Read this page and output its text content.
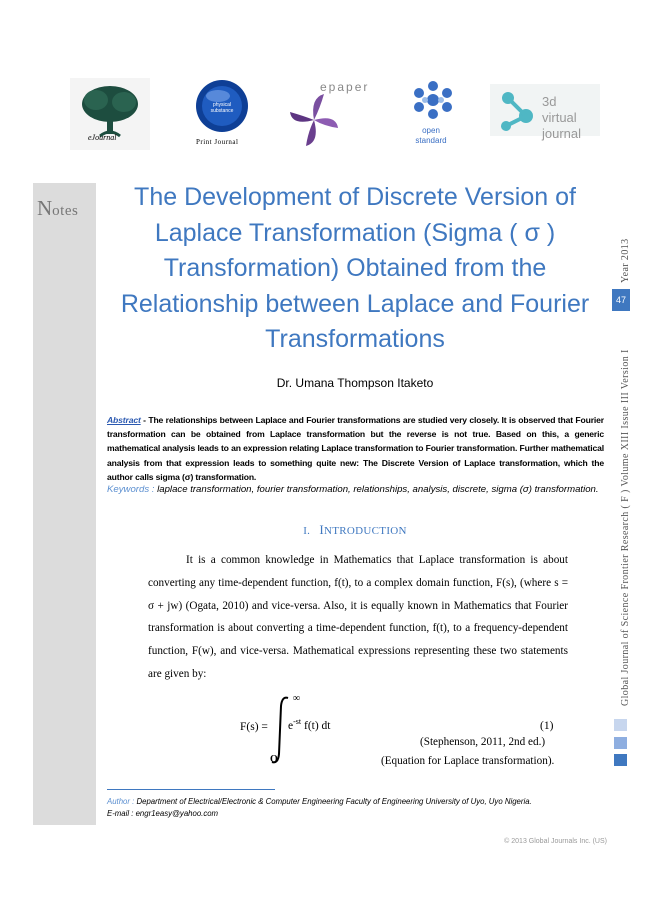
eJournal
physical substance
Print Journal
epaper
open standard
3d virtual journal
Notes	The Development of Discrete Version of Laplace Transformation (Sigma ( σ ) Transformation) Obtained from the Relationship between Laplace and Fourier Transformations
Dr. Umana Thompson Itaketo
Abstract - The relationships between Laplace and Fourier transformations are studied very closely. It is observed that Fourier transformation can be obtained from Laplace transformation but the reverse is not true. Based on this, a generic mathematical analysis leads to an expression relating Laplace transformation to Fourier transformation. Further mathematical analysis from that expression leads to something quite new: The Discrete Version of Laplace transformation, which the author calls sigma (σ) transformation.
Keywords : laplace transformation, fourier transformation, relationships, analysis, discrete, sigma (σ) transformation.
I. INTRODUCTION
It is a common knowledge in Mathematics that Laplace transformation is about converting any time-dependent function, f(t), to a complex domain function, F(s), (where s = σ + jw) (Ogata, 2010) and vice-versa. Also, it is equally known in Mathematics that Fourier transformation is about converting a time-dependent function, f(t), to a frequency-dependent function, F(w), and vice-versa. Mathematical expressions representing these two statements are given by:
F(s) =
∞
O
$e^{-st}$ f(t) dt	(1)
(Stephenson, 2011, 2nd ed.)
(Equation for Laplace transformation).
Author : Department of Electrical/Electronic & Computer Engineering Faculty of Engineering University of Uyo, Uyo Nigeria.
E-mail : engr1easy@yahoo.com
© 2013 Global Journals Inc. (US)
Year 2013
47
Global Journal of Science Frontier Research ( F ) Volume XIII Issue III Version I
